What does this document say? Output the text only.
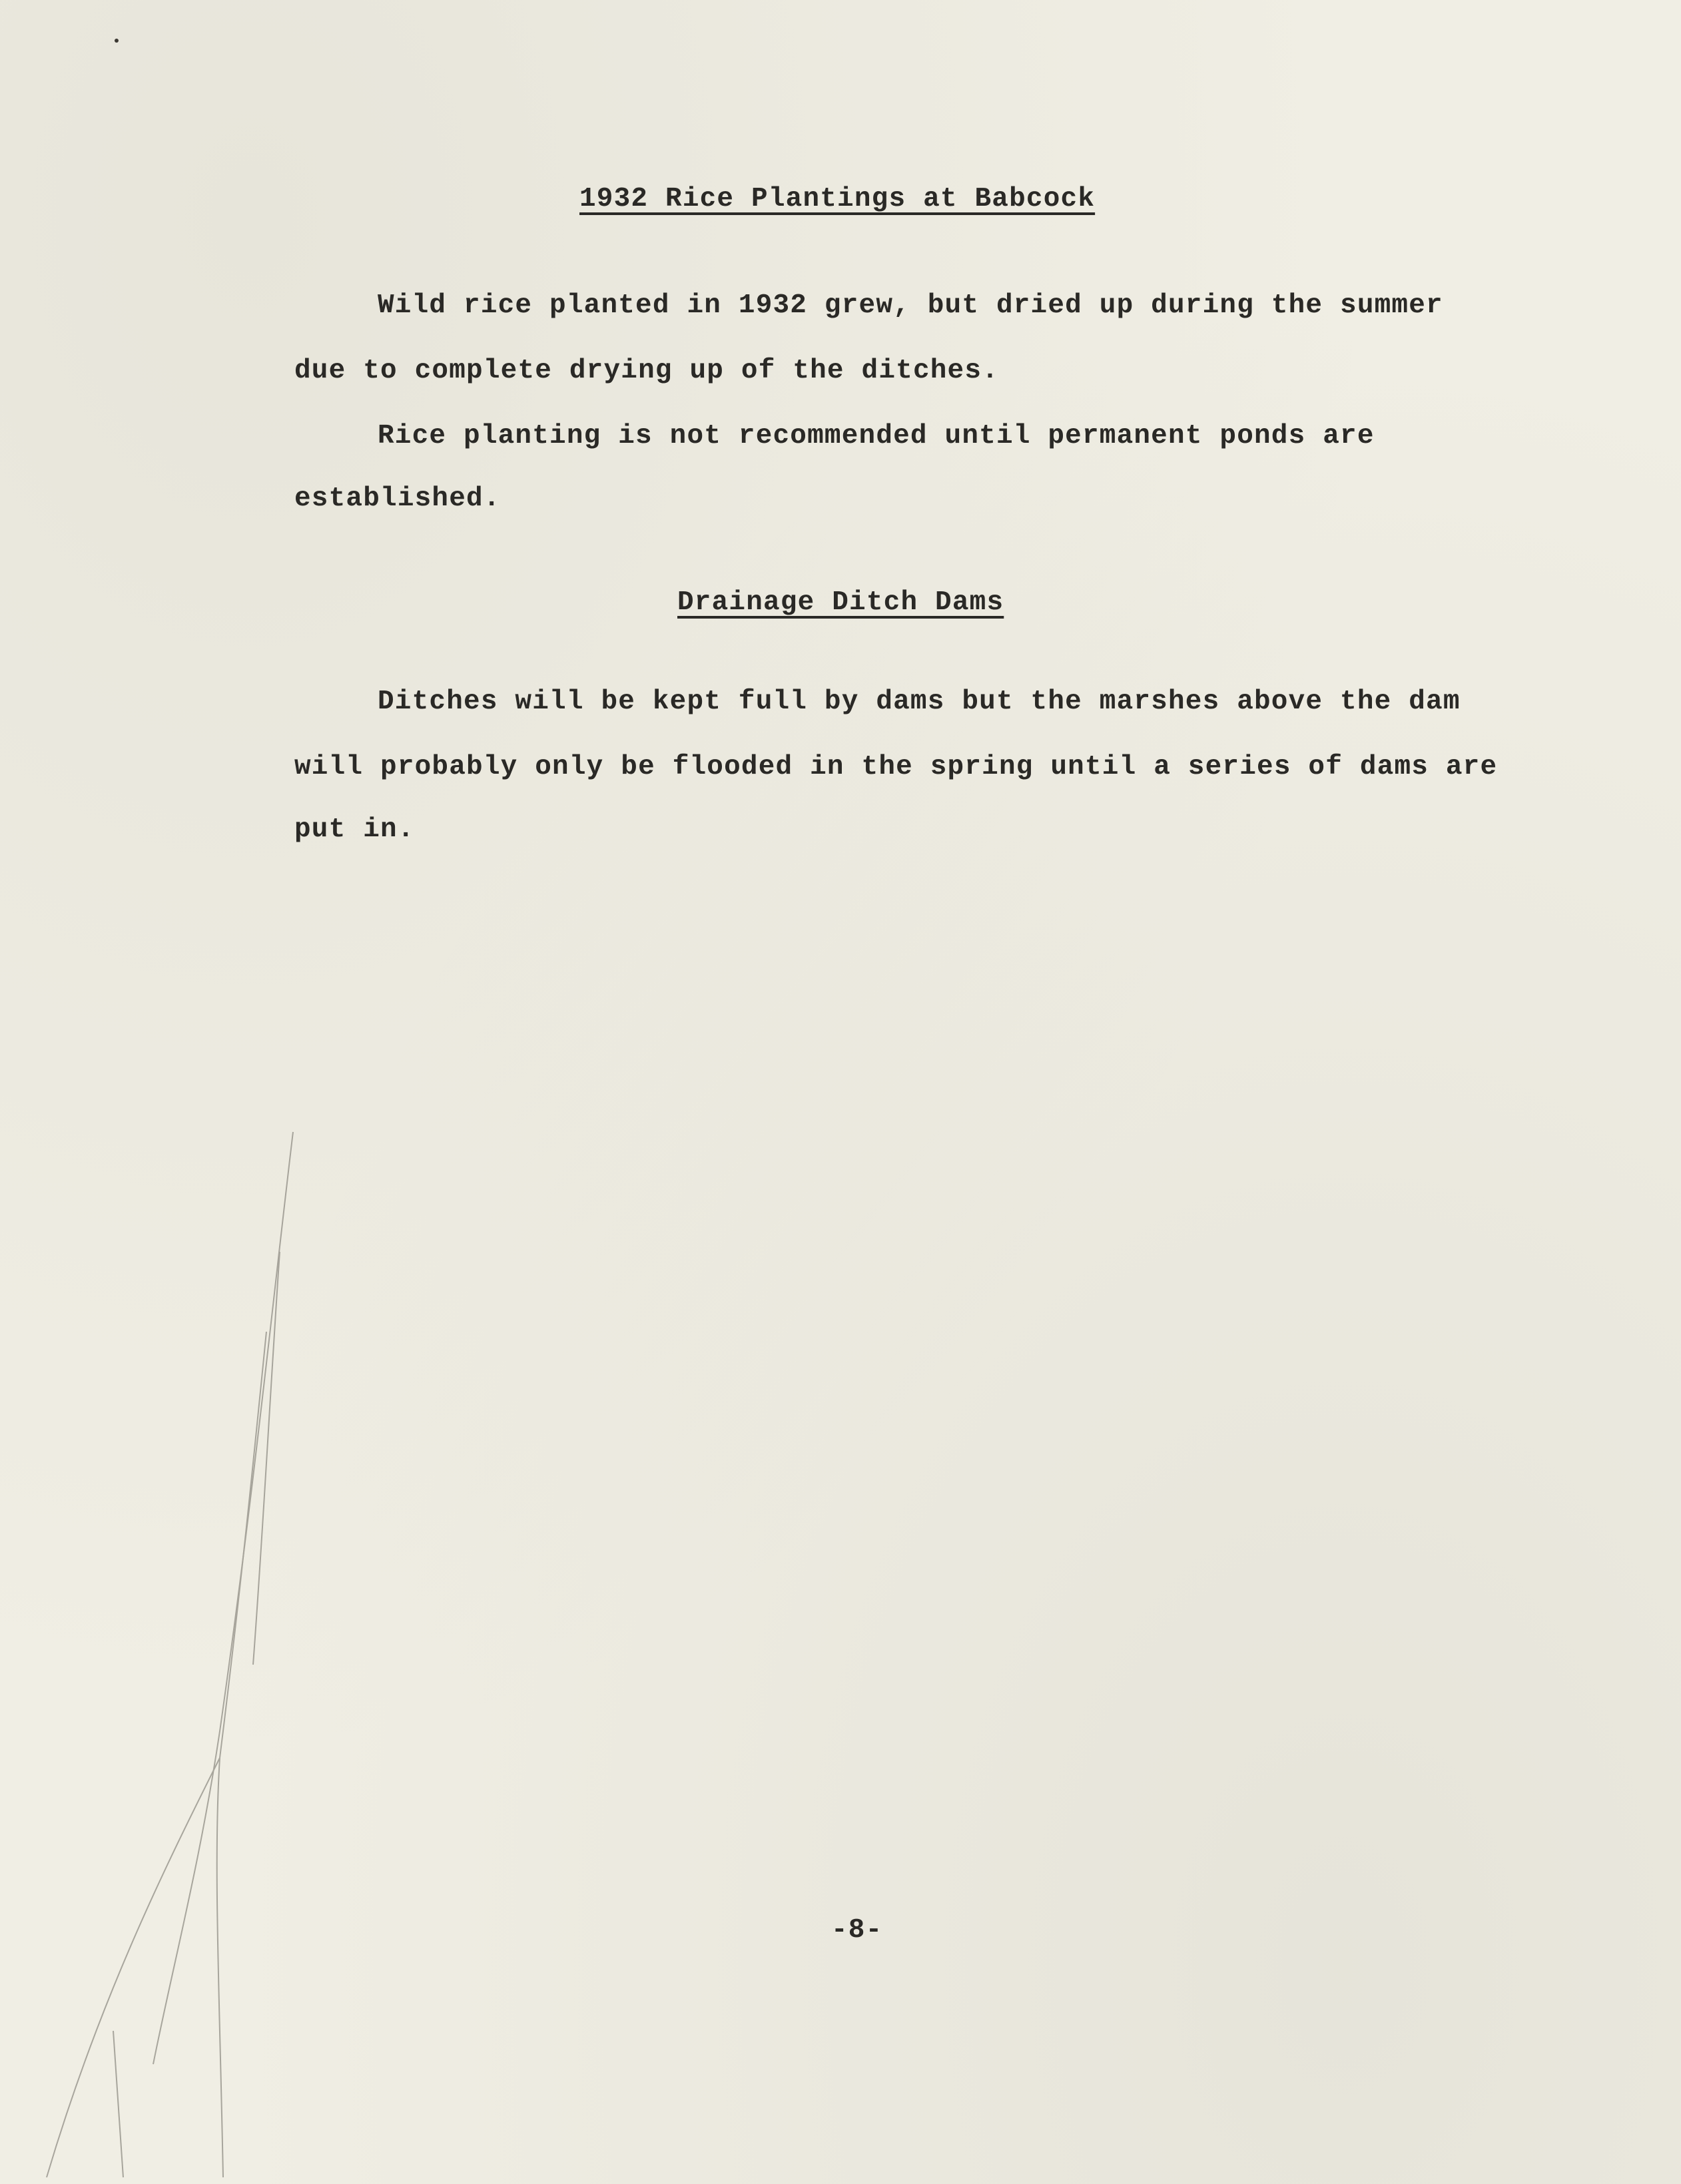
1932 Rice Plantings at Babcock
Wild rice planted in 1932 grew, but dried up during the summer
due to complete drying up of the ditches.
Rice planting is not recommended until permanent ponds are
established.
Drainage Ditch Dams
Ditches will be kept full by dams but the marshes above the dam
will probably only be flooded in the spring until a series of dams are
put in.
-8-
